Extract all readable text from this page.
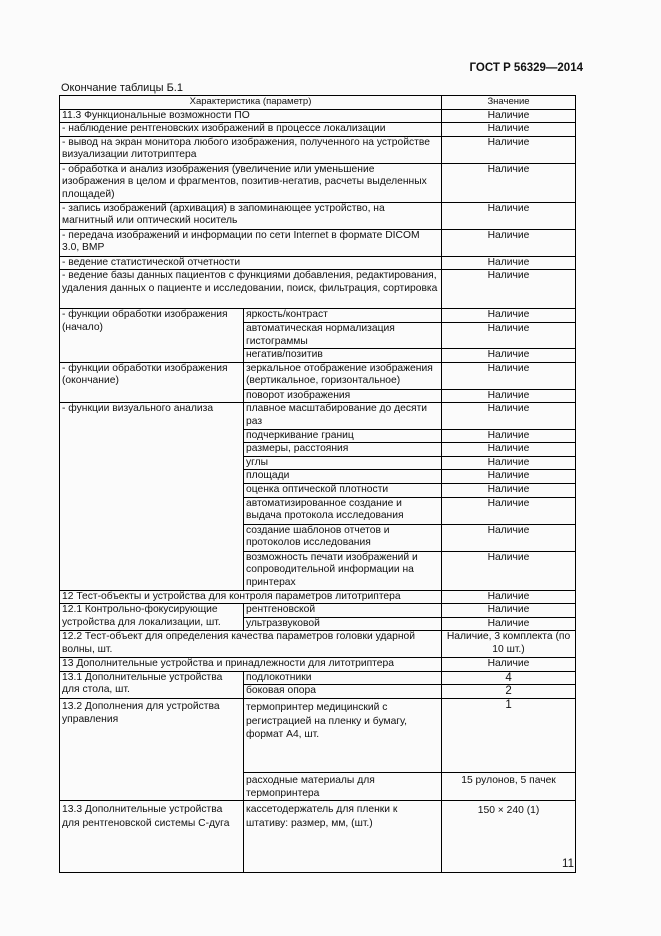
ГОСТ Р 56329—2014
Окончание таблицы Б.1
Характеристика (параметр)		Значение
11.3 Функциональные возможности ПО		Наличие
- наблюдение рентгеновских изображений в процессе локализации		Наличие
- вывод на экран монитора любого изображения, полученного на устройстве визуализации литотриптера		Наличие
- обработка и анализ изображения (увеличение или уменьшение изображения в целом и фрагментов, позитив-негатив, расчеты выделенных площадей)		Наличие
- запись изображений (архивация) в запоминающее устройство, на магнитный или оптический носитель		Наличие
- передача изображений и информации по сети Internet в формате DICOM 3.0, BMP		Наличие
- ведение статистической отчетности		Наличие
- ведение базы данных пациентов с функциями добавления, редактирования, удаления данных о пациенте и исследовании, поиск, фильтрация, сортировка		Наличие
- функции обработки изображения (начало)	яркость/контраст	Наличие
	автоматическая нормализация гистограммы	Наличие
	негатив/позитив	Наличие
- функции обработки изображения (окончание)	зеркальное отображение изображения (вертикальное, горизонтальное)	Наличие
	поворот изображения	Наличие
- функции визуального анализа	плавное масштабирование до десяти раз	Наличие
	подчеркивание границ	Наличие
	размеры, расстояния	Наличие
	углы	Наличие
	площади	Наличие
	оценка оптической плотности	Наличие
	автоматизированное создание и выдача протокола исследования	Наличие
	создание шаблонов отчетов и протоколов исследования	Наличие
	возможность печати изображений и сопроводительной информации на принтерах	Наличие
12 Тест-объекты и устройства для контроля параметров литотриптера		Наличие
12.1 Контрольно-фокусирующие устройства для локализации, шт.	рентгеновской	Наличие
	ультразвуковой	Наличие
12.2 Тест-объект для определения качества параметров головки ударной волны, шт.		Наличие, 3 комплекта (по 10 шт.)
13 Дополнительные устройства и принадлежности для литотриптера		Наличие
13.1 Дополнительные устройства для стола, шт.	подлокотники	4
	боковая опора	2
13.2 Дополнения для устройства управления	термопринтер медицинский с регистрацией на пленку и бумагу, формат А4, шт.	1
	расходные материалы для термопринтера	15 рулонов, 5 пачек
13.3 Дополнительные устройства для рентгеновской системы С-дуга	кассетодержатель для пленки к штативу: размер, мм, (шт.)	150 × 240 (1)
11
